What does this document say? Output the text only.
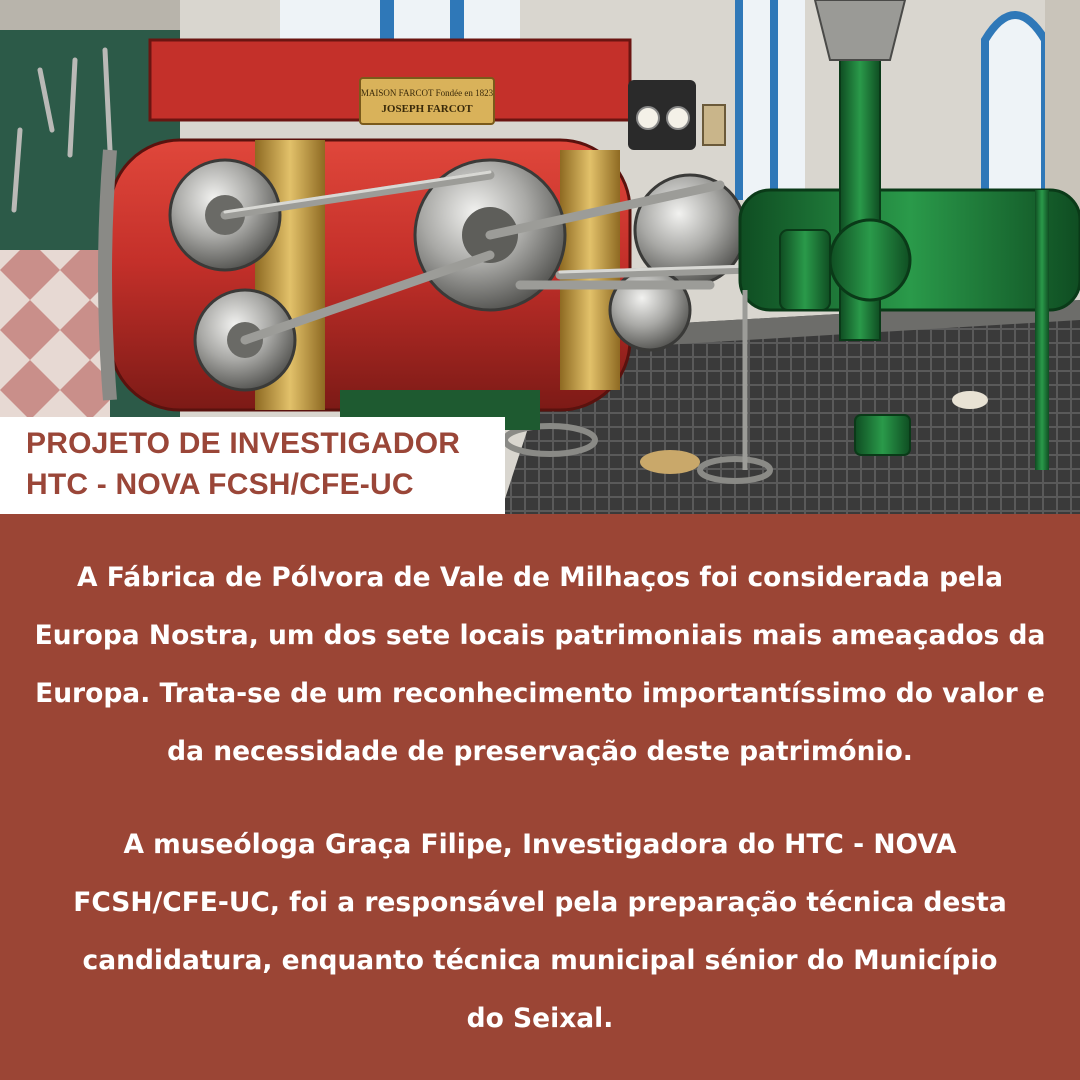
MAISON FARCOT Fondée en 1823
JOSEPH FARCOT
PROJETO DE INVESTIGADOR
HTC - NOVA FCSH/CFE-UC

A Fábrica de Pólvora de Vale de Milhaços foi considerada pela Europa Nostra, um dos sete locais patrimoniais mais ameaçados da Europa. Trata-se de um reconhecimento importantíssimo do valor e da necessidade de preservação deste património.

A museóloga Graça Filipe, Investigadora do HTC - NOVA FCSH/CFE-UC, foi a responsável pela preparação técnica desta candidatura, enquanto técnica municipal sénior do Município do Seixal.
